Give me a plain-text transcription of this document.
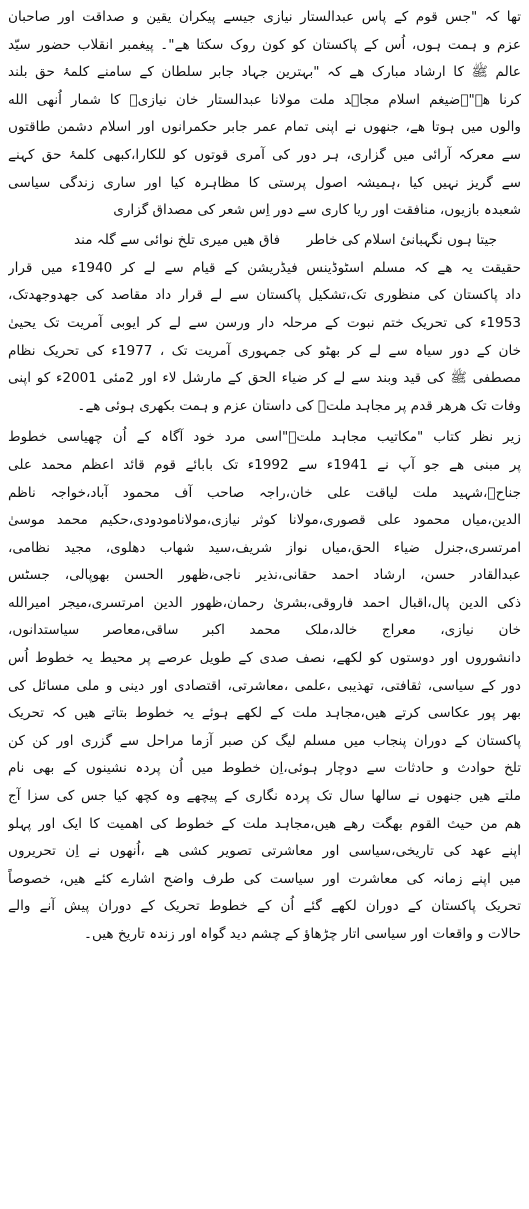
تھا کہ "جس قوم کے پاس عبدالستار نیازی جیسے پیکران یقین و صداقت اور صاحبان
عزم و ہمت ہوں، اُس کے پاکستان کو کون روک سکتا ھے"۔ پیغمبر انقلاب حضور سیّد
عالم ﷺ کا ارشاد مبارک ھے کہ "بہترین جہاد جابر سلطان کے سامنے کلمۂ حق بلند
کرنا ھے"۔ضیغم اسلام مجاہد ملت مولانا عبدالستار خان نیازیؒ کا شمار اُنھی الله
والوں میں ہوتا ھے، جنھوں نے اپنی تمام عمر جابر حکمرانوں اور اسلام دشمن طاقتوں
سے معرکہ آرائی میں گزاری، ہر دور کی آمری قوتوں کو للکارا،کبھی کلمۂ حق کہنے
سے گریز نہیں کیا ،ہمیشہ اصول پرستی کا مظاہرہ کیا اور ساری زندگی سیاسی
شعبدہ بازیوں، منافقت اور ریا کاری سے دور اِس شعر کی مصداق گزاری
جیتا ہوں نگہبانیٔ اسلام کی خاطر
فاق ھیں میری تلخ نوائی سے گلہ مند
حقیقت یہ ھے کہ مسلم اسٹوڈینس فیڈریشن کے قیام سے لے کر 1940ء میں قرار
داد پاکستان کی منظوری تک،تشکیل پاکستان سے لے قرار داد مقاصد کی جھدوجھدتک،
1953ء کی تحریک ختم نبوت کے مرحلہ دار ورسن سے لے کر ایوبی آمریت تک یحییٰ
خان کے دور سیاہ سے لے کر بھٹو کی جمہوری آمریت تک ، 1977ء کی تحریک نظام
مصطفی ﷺ کی قید وبند سے لے کر ضیاء الحق کے مارشل لاء اور 2مئی 2001ء کو اپنی
وفات تک ھرھر قدم پر مجاہد ملتؒ کی داستان عزم و ہمت بکھری ہوئی ھے۔
زیر نظر کتاب "مکاتیب مجاہد ملتؒ"اسی مرد خود آگاہ کے اُن چھیاسی خطوط
پر مبنی ھے جو آپ نے 1941ء سے 1992ء تک بابائے قوم قائد اعظم محمد علی
جناحؒ،شہید ملت لیاقت علی خان،راجہ صاحب آف محمود آباد،خواجہ ناظم
الدین،میاں محمود علی قصوری،مولانا کوثر نیازی،مولانامودودی،حکیم محمد موسیٰ
امرتسری،جنرل ضیاء الحق،میاں نواز شریف،سید شھاب دھلوی، مجید نظامی،
عبدالقادر حسن، ارشاد احمد حقانی،نذیر ناجی،ظھور الحسن بھوپالی، جسٹس
ذکی الدین پال،اقبال احمد فاروقی،بشریٰ رحمان،ظھور الدین امرتسری،میجر امیرالله
خان نیازی، معراج خالد،ملک محمد اکبر ساقی،معاصر سیاستدانوں،
دانشوروں اور دوستوں کو لکھے، نصف صدی کے طویل عرصے پر محیط یہ خطوط اُس
دور کے سیاسی، ثقافتی، تھذیبی ،علمی ،معاشرتی، اقتصادی اور دینی و ملی مسائل کی
بھر پور عکاسی کرتے ھیں،مجاہد ملت کے لکھے ہوئے یہ خطوط بتاتے ھیں کہ تحریک
پاکستان کے دوران پنجاب میں مسلم لیگ کن صبر آزما مراحل سے گزری اور کن کن
تلخ حوادث و حادثات سے دوچار ہوئی،اِن خطوط میں اُن پردہ نشینوں کے بھی نام
ملتے ھیں جنھوں نے سالھا سال تک پردہ نگاری کے پیچھے وہ کچھ کیا جس کی سزا آج
ھم من حیث القوم بھگت رھے ھیں،مجاہد ملت کے خطوط کی اھمیت کا ایک اور پہلو
اپنے عھد کی تاریخی،سیاسی اور معاشرتی تصویر کشی ھے ،اُنھوں نے اِن تحریروں
میں اپنے زمانہ کی معاشرت اور سیاست کی طرف واضح اشارے کئے ھیں، خصوصاً
تحریک پاکستان کے دوران لکھے گئے اُن کے خطوط تحریک کے دوران پیش آنے والے
حالات و واقعات اور سیاسی اتار چڑھاؤ کے چشم دید گواہ اور زندہ تاریخ ھیں۔
